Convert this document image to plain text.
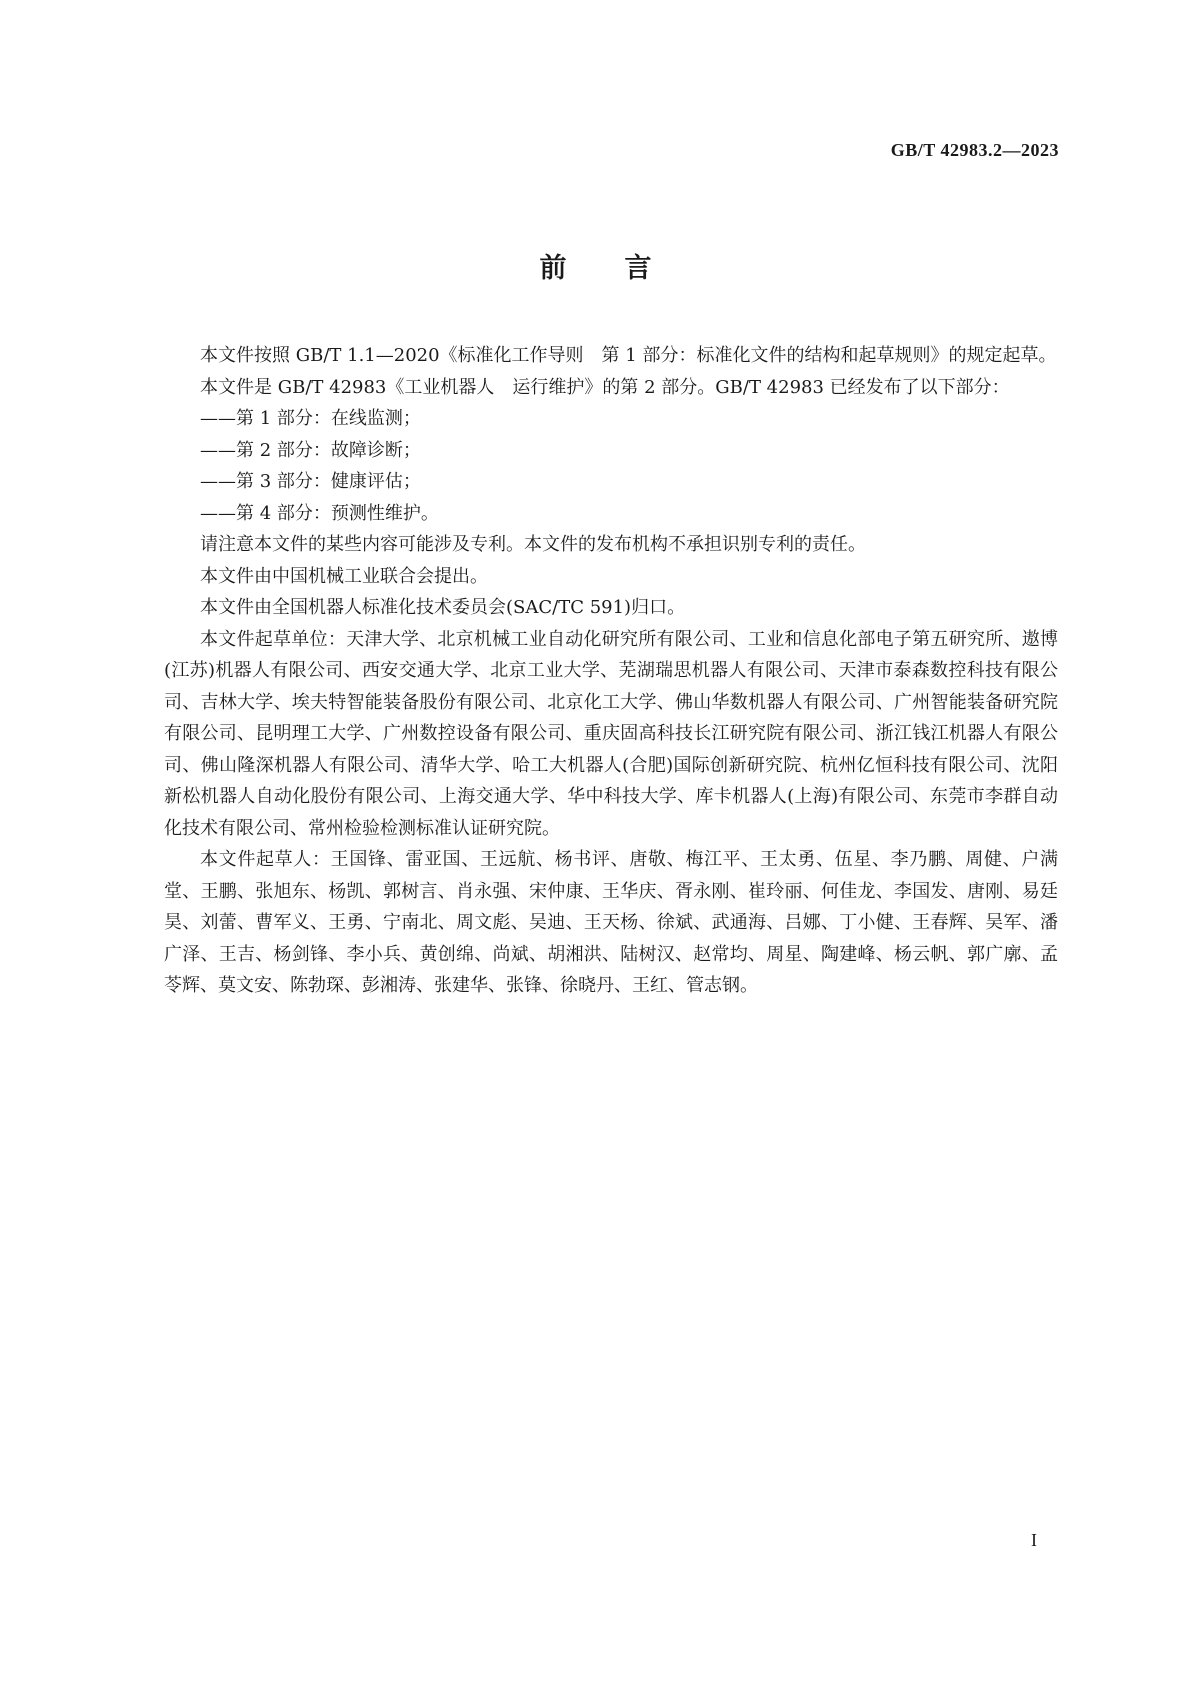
GB/T 42983.2—2023
前 言

本文件按照 GB/T 1.1—2020《标准化工作导则　第 1 部分：标准化文件的结构和起草规则》的规定起草。

本文件是 GB/T 42983《工业机器人　运行维护》的第 2 部分。GB/T 42983 已经发布了以下部分：

——第 1 部分：在线监测；

——第 2 部分：故障诊断；

——第 3 部分：健康评估；

——第 4 部分：预测性维护。

请注意本文件的某些内容可能涉及专利。本文件的发布机构不承担识别专利的责任。

本文件由中国机械工业联合会提出。

本文件由全国机器人标准化技术委员会(SAC/TC 591)归口。

本文件起草单位：天津大学、北京机械工业自动化研究所有限公司、工业和信息化部电子第五研究所、遨博(江苏)机器人有限公司、西安交通大学、北京工业大学、芜湖瑞思机器人有限公司、天津市泰森数控科技有限公司、吉林大学、埃夫特智能装备股份有限公司、北京化工大学、佛山华数机器人有限公司、广州智能装备研究院有限公司、昆明理工大学、广州数控设备有限公司、重庆固高科技长江研究院有限公司、浙江钱江机器人有限公司、佛山隆深机器人有限公司、清华大学、哈工大机器人(合肥)国际创新研究院、杭州亿恒科技有限公司、沈阳新松机器人自动化股份有限公司、上海交通大学、华中科技大学、库卡机器人(上海)有限公司、东莞市李群自动化技术有限公司、常州检验检测标准认证研究院。

本文件起草人：王国锋、雷亚国、王远航、杨书评、唐敬、梅江平、王太勇、伍星、李乃鹏、周健、户满堂、王鹏、张旭东、杨凯、郭树言、肖永强、宋仲康、王华庆、胥永刚、崔玲丽、何佳龙、李国发、唐刚、易廷昊、刘蕾、曹军义、王勇、宁南北、周文彪、吴迪、王天杨、徐斌、武通海、吕娜、丁小健、王春辉、吴军、潘广泽、王吉、杨剑锋、李小兵、黄创绵、尚斌、胡湘洪、陆树汉、赵常均、周星、陶建峰、杨云帆、郭广廓、孟苓辉、莫文安、陈勃琛、彭湘涛、张建华、张锋、徐晓丹、王红、管志钢。

I
